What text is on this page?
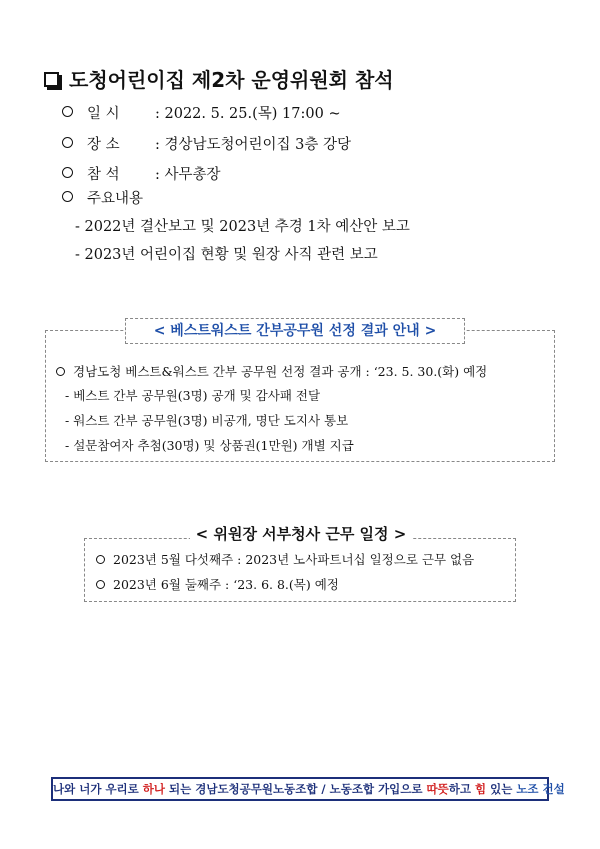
도청어린이집 제2차 운영위원회 참석
일 시	: 2022. 5. 25.(목) 17:00 ~
장 소	: 경상남도청어린이집 3층 강당
참 석	: 사무총장
주요내용
- 2022년 결산보고 및 2023년 추경 1차 예산안 보고
- 2023년 어린이집 현황 및 원장 사직 관련 보고
< 베스트워스트 간부공무원 선정 결과 안내 >
경남도청 베스트&워스트 간부 공무원 선정 결과 공개 : ‘23. 5. 30.(화) 예정
- 베스트 간부 공무원(3명) 공개 및 감사패 전달
- 워스트 간부 공무원(3명) 비공개, 명단 도지사 통보
- 설문참여자 추첨(30명) 및 상품권(1만원) 개별 지급
< 위원장 서부청사 근무 일정 >
2023년 5월 다섯째주 : 2023년 노사파트너십 일정으로 근무 없음
2023년 6월 둘째주 : ‘23. 6. 8.(목) 예정
나와 너가 우리로 하나 되는 경남도청공무원노동조합 / 노동조합 가입으로 따뜻하고 힘 있는 노조 건설
